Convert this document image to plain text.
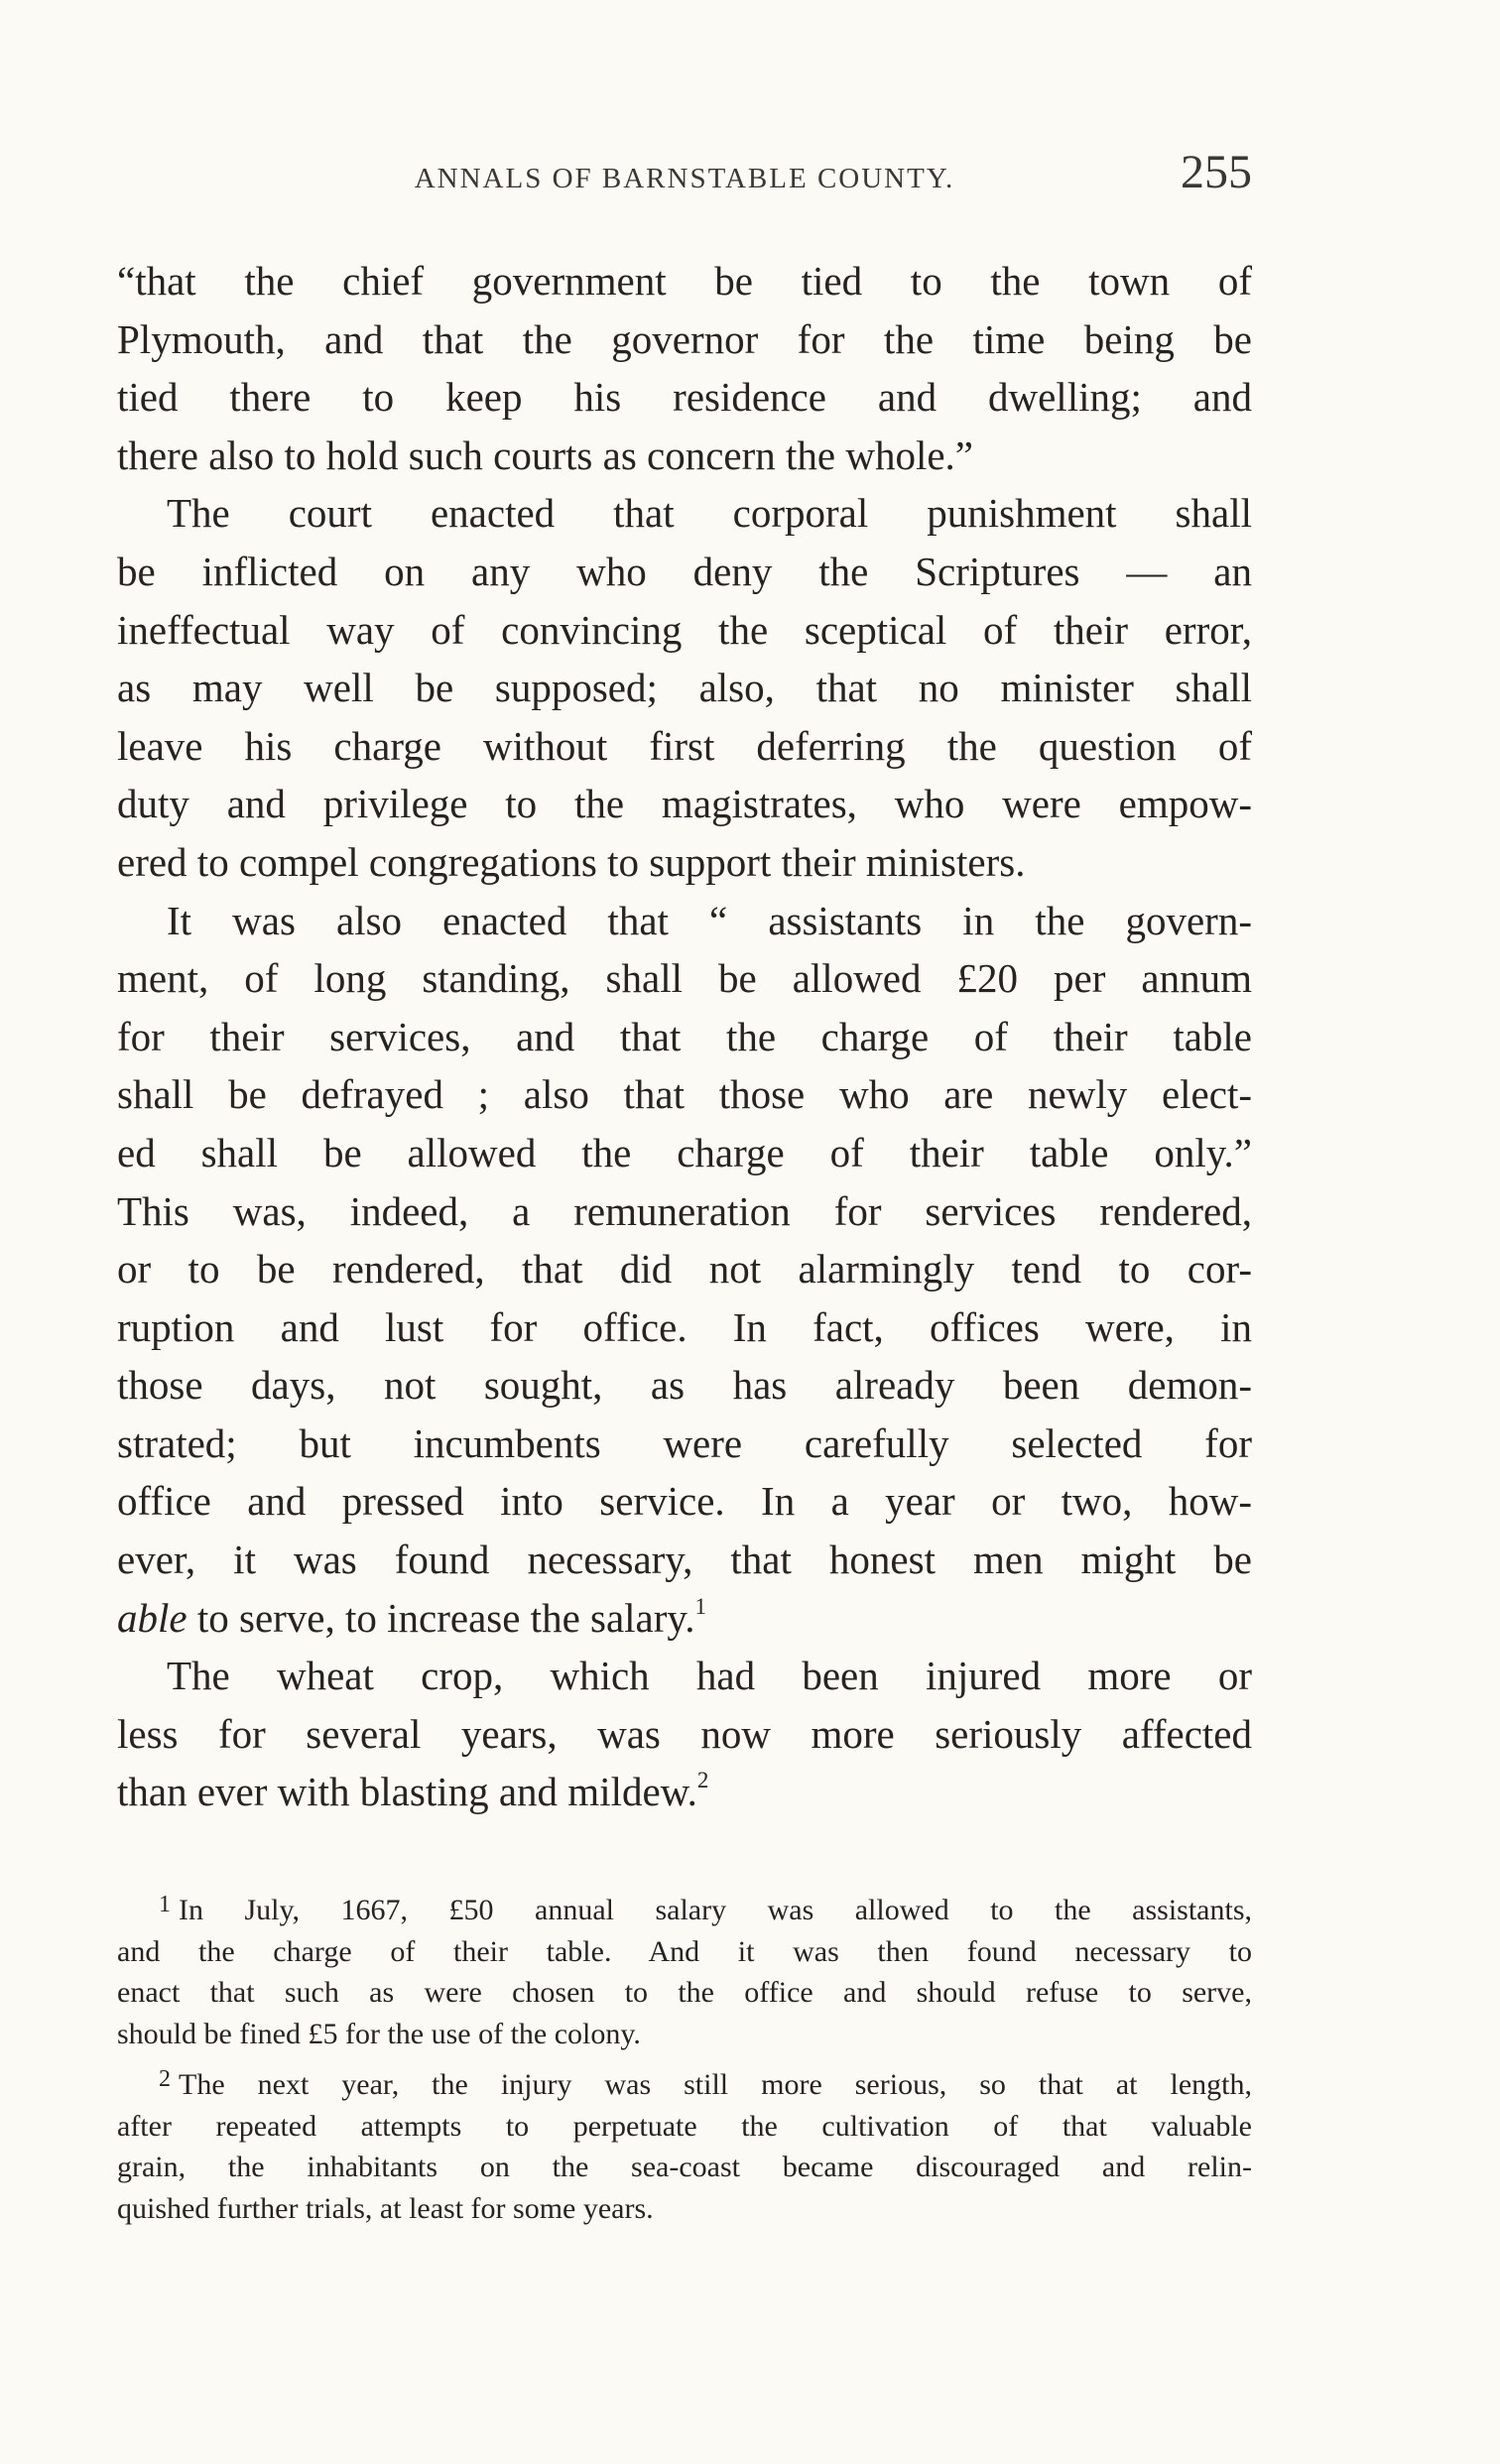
ANNALS OF BARNSTABLE COUNTY.	255
“that the chief government be tied to the town of
Plymouth, and that the governor for the time being be
tied there to keep his residence and dwelling; and
there also to hold such courts as concern the whole.”
The court enacted that corporal punishment shall
be inflicted on any who deny the Scriptures — an
ineffectual way of convincing the sceptical of their error,
as may well be supposed; also, that no minister shall
leave his charge without first deferring the question of
duty and privilege to the magistrates, who were empow-
ered to compel congregations to support their ministers.
It was also enacted that “ assistants in the govern-
ment, of long standing, shall be allowed £20 per annum
for their services, and that the charge of their table
shall be defrayed ; also that those who are newly elect-
ed shall be allowed the charge of their table only.”
This was, indeed, a remuneration for services rendered,
or to be rendered, that did not alarmingly tend to cor-
ruption and lust for office. In fact, offices were, in
those days, not sought, as has already been demon-
strated; but incumbents were carefully selected for
office and pressed into service. In a year or two, how-
ever, it was found necessary, that honest men might be
able to serve, to increase the salary.$^1$
The wheat crop, which had been injured more or
less for several years, was now more seriously affected
than ever with blasting and mildew.$^2$
$^1$ In July, 1667, £50 annual salary was allowed to the assistants,
and the charge of their table. And it was then found necessary to
enact that such as were chosen to the office and should refuse to serve,
should be fined £5 for the use of the colony.
$^2$ The next year, the injury was still more serious, so that at length,
after repeated attempts to perpetuate the cultivation of that valuable
grain, the inhabitants on the sea-coast became discouraged and relin-
quished further trials, at least for some years.
